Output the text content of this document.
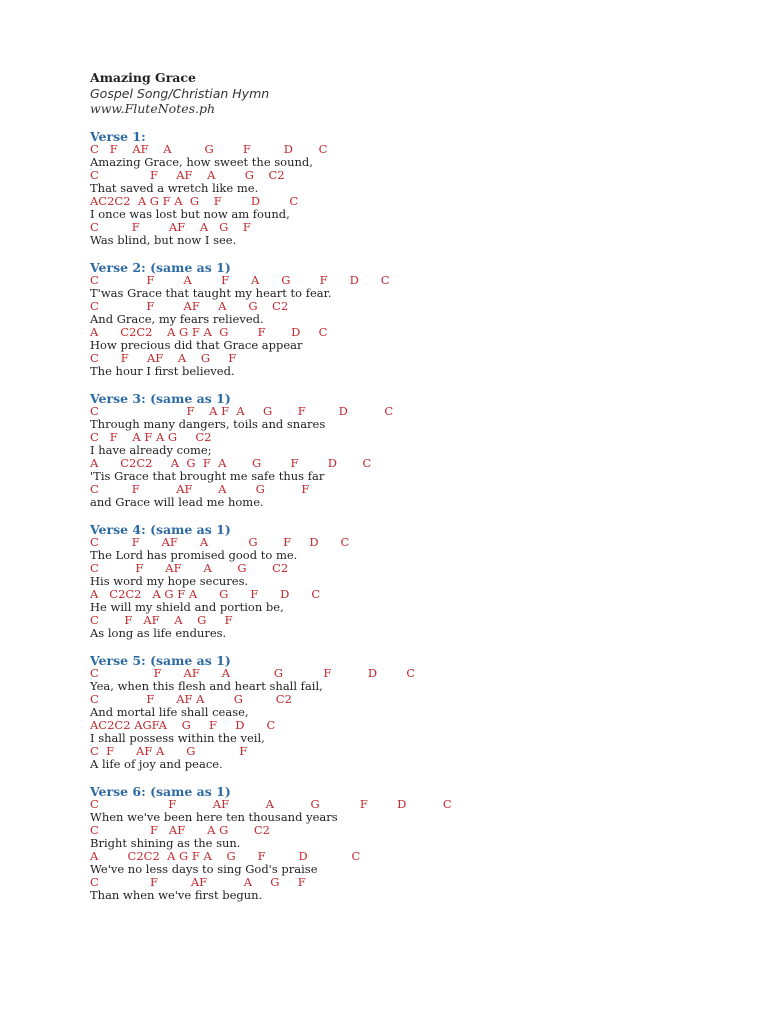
Amazing Grace
Gospel Song/Christian Hymn
www.FluteNotes.ph
Verse 1:
C   F    AF    A         G        F         D       C
Amazing Grace, how sweet the sound,
C              F     AF    A        G    C2
That saved a wretch like me.
AC2C2  A G F A  G    F        D        C
I once was lost but now am found,
C         F        AF    A   G    F
Was blind, but now I see.
Verse 2: (same as 1)
C             F        A        F      A      G        F      D      C
T'was Grace that taught my heart to fear.
C             F        AF     A      G    C2
And Grace, my fears relieved.
A      C2C2    A G F A  G        F       D     C
How precious did that Grace appear
C      F     AF    A    G     F
The hour I first believed.
Verse 3: (same as 1)
C                        F    A F  A     G       F         D          C
Through many dangers, toils and snares
C   F    A F A G     C2
I have already come;
A      C2C2     A  G  F  A       G        F        D       C
'Tis Grace that brought me safe thus far
C         F          AF       A        G          F
and Grace will lead me home.
Verse 4: (same as 1)
C         F      AF      A           G       F     D      C
The Lord has promised good to me.
C          F      AF      A       G       C2
His word my hope secures.
A   C2C2   A G F A      G      F      D      C
He will my shield and portion be,
C       F   AF    A    G     F
As long as life endures.
Verse 5: (same as 1)
C               F      AF      A            G           F          D        C
Yea, when this flesh and heart shall fail,
C             F      AF A        G         C2
And mortal life shall cease,
AC2C2 AGFA    G     F     D      C
I shall possess within the veil,
C  F      AF A      G            F
A life of joy and peace.
Verse 6: (same as 1)
C                   F          AF          A          G           F        D          C
When we've been here ten thousand years
C              F   AF      A G       C2
Bright shining as the sun.
A        C2C2  A G F A    G      F         D            C
We've no less days to sing God's praise
C              F         AF          A     G     F
Than when we've first begun.
